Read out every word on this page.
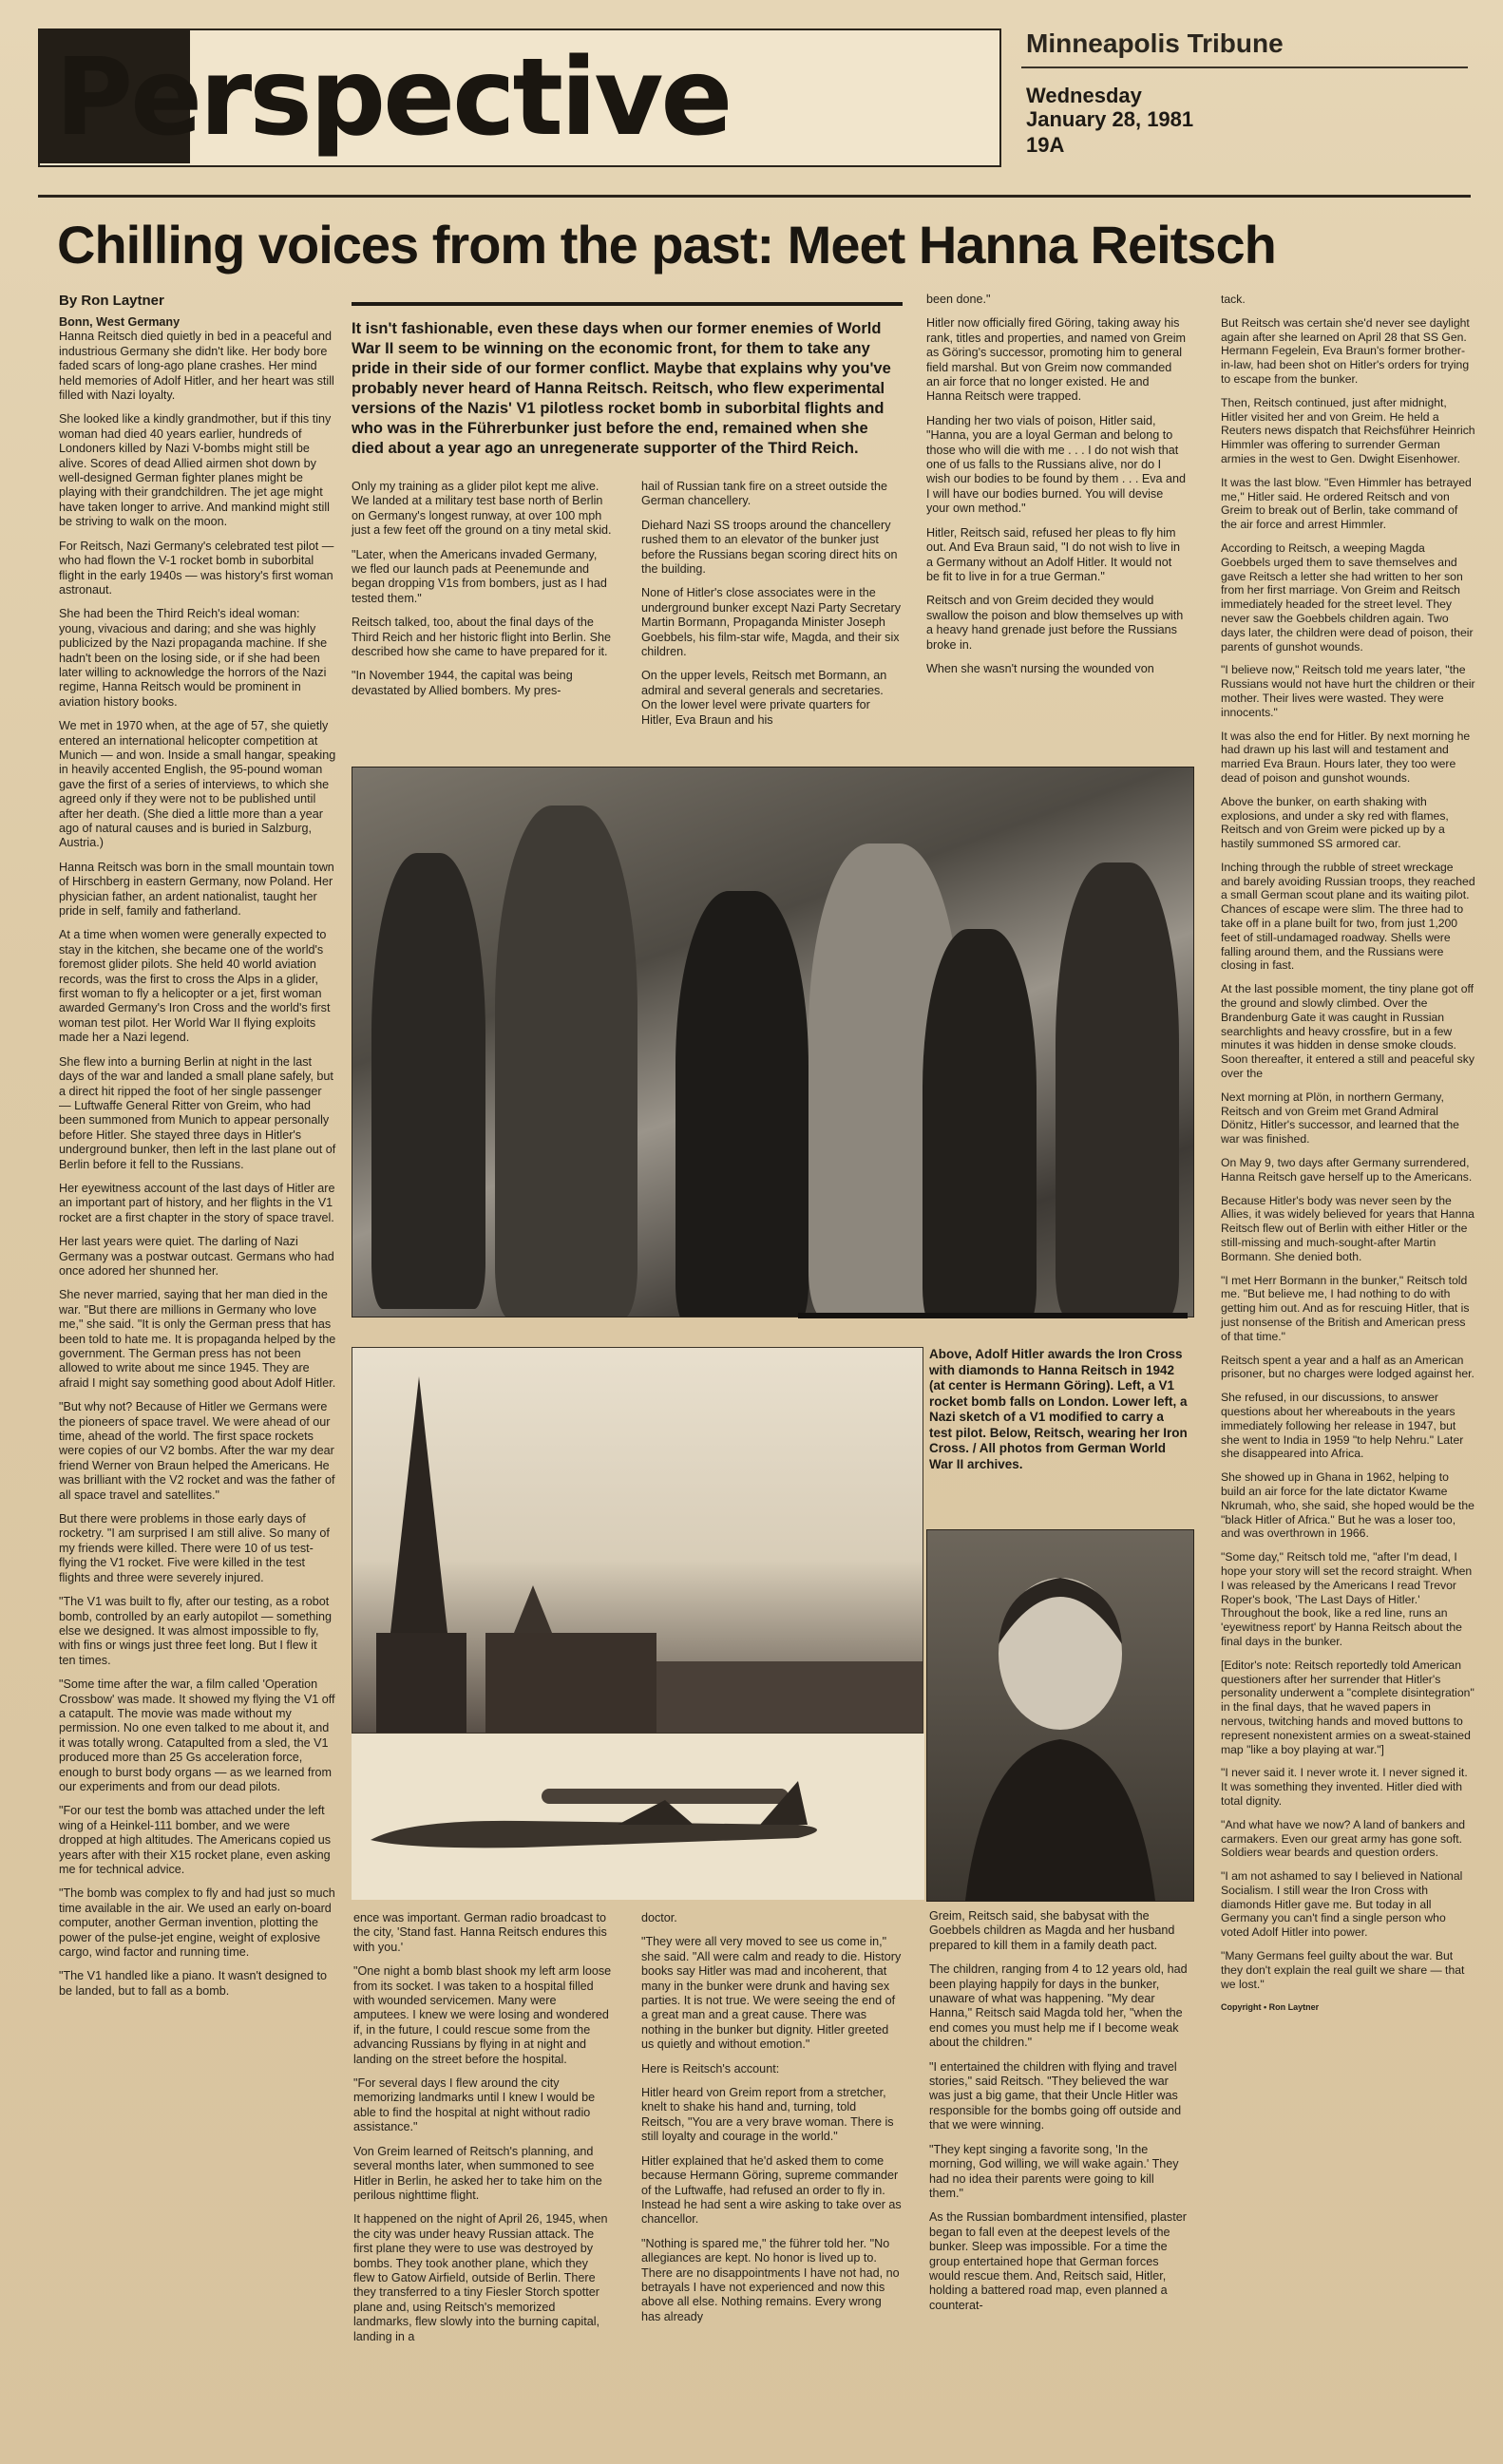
Perspective	Minneapolis Tribune
Wednesday
January 28, 1981
19A
Chilling voices from the past: Meet Hanna Reitsch
By Ron Laytner
It isn't fashionable, even these days when our former enemies of World War II seem to be winning on the economic front, for them to take any pride in their side of our former conflict. Maybe that explains why you've probably never heard of Hanna Reitsch. Reitsch, who flew experimental versions of the Nazis' V1 pilotless rocket bomb in suborbital flights and who was in the Führerbunker just before the end, remained when she died about a year ago an unregenerate supporter of the Third Reich.

Bonn, West Germany

Hanna Reitsch died quietly in bed in a peaceful and industrious Germany she didn't like. Her body bore faded scars of long-ago plane crashes. Her mind held memories of Adolf Hitler, and her heart was still filled with Nazi loyalty.

She looked like a kindly grandmother, but if this tiny woman had died 40 years earlier, hundreds of Londoners killed by Nazi V-bombs might still be alive. Scores of dead Allied airmen shot down by well-designed German fighter planes might be playing with their grandchildren. The jet age might have taken longer to arrive. And mankind might still be striving to walk on the moon.

For Reitsch, Nazi Germany's celebrated test pilot — who had flown the V-1 rocket bomb in suborbital flight in the early 1940s — was history's first woman astronaut.

She had been the Third Reich's ideal woman: young, vivacious and daring; and she was highly publicized by the Nazi propaganda machine. If she hadn't been on the losing side, or if she had been later willing to acknowledge the horrors of the Nazi regime, Hanna Reitsch would be prominent in aviation history books.

We met in 1970 when, at the age of 57, she quietly entered an international helicopter competition at Munich — and won. Inside a small hangar, speaking in heavily accented English, the 95-pound woman gave the first of a series of interviews, to which she agreed only if they were not to be published until after her death. (She died a little more than a year ago of natural causes and is buried in Salzburg, Austria.)

Hanna Reitsch was born in the small mountain town of Hirschberg in eastern Germany, now Poland. Her physician father, an ardent nationalist, taught her pride in self, family and fatherland.

At a time when women were generally expected to stay in the kitchen, she became one of the world's foremost glider pilots. She held 40 world aviation records, was the first to cross the Alps in a glider, first woman to fly a helicopter or a jet, first woman awarded Germany's Iron Cross and the world's first woman test pilot. Her World War II flying exploits made her a Nazi legend.

She flew into a burning Berlin at night in the last days of the war and landed a small plane safely, but a direct hit ripped the foot of her single passenger — Luftwaffe General Ritter von Greim, who had been summoned from Munich to appear personally before Hitler. She stayed three days in Hitler's underground bunker, then left in the last plane out of Berlin before it fell to the Russians.

Her eyewitness account of the last days of Hitler are an important part of history, and her flights in the V1 rocket are a first chapter in the story of space travel.

Her last years were quiet. The darling of Nazi Germany was a postwar outcast. Germans who had once adored her shunned her.

She never married, saying that her man died in the war. "But there are millions in Germany who love me," she said. "It is only the German press that has been told to hate me. It is propaganda helped by the government. The German press has not been allowed to write about me since 1945. They are afraid I might say something good about Adolf Hitler.

"But why not? Because of Hitler we Germans were the pioneers of space travel. We were ahead of our time, ahead of the world. The first space rockets were copies of our V2 bombs. After the war my dear friend Werner von Braun helped the Americans. He was brilliant with the V2 rocket and was the father of all space travel and satellites."

But there were problems in those early days of rocketry. "I am surprised I am still alive. So many of my friends were killed. There were 10 of us test-flying the V1 rocket. Five were killed in the test flights and three were severely injured.

"The V1 was built to fly, after our testing, as a robot bomb, controlled by an early autopilot — something else we designed. It was almost impossible to fly, with fins or wings just three feet long. But I flew it ten times.

"Some time after the war, a film called 'Operation Crossbow' was made. It showed my flying the V1 off a catapult. The movie was made without my permission. No one even talked to me about it, and it was totally wrong. Catapulted from a sled, the V1 produced more than 25 Gs acceleration force, enough to burst body organs — as we learned from our experiments and from our dead pilots.

"For our test the bomb was attached under the left wing of a Heinkel-111 bomber, and we were dropped at high altitudes. The Americans copied us years after with their X15 rocket plane, even asking me for technical advice.

"The bomb was complex to fly and had just so much time available in the air. We used an early on-board computer, another German invention, plotting the power of the pulse-jet engine, weight of explosive cargo, wind factor and running time.

"The V1 handled like a piano. It wasn't designed to be landed, but to fall as a bomb.

Only my training as a glider pilot kept me alive. We landed at a military test base north of Berlin on Germany's longest runway, at over 100 mph just a few feet off the ground on a tiny metal skid.

"Later, when the Americans invaded Germany, we fled our launch pads at Peenemunde and began dropping V1s from bombers, just as I had tested them."

Reitsch talked, too, about the final days of the Third Reich and her historic flight into Berlin. She described how she came to have prepared for it.

"In November 1944, the capital was being devastated by Allied bombers. My pres-

hail of Russian tank fire on a street outside the German chancellery.

Diehard Nazi SS troops around the chancellery rushed them to an elevator of the bunker just before the Russians began scoring direct hits on the building.

None of Hitler's close associates were in the underground bunker except Nazi Party Secretary Martin Bormann, Propaganda Minister Joseph Goebbels, his film-star wife, Magda, and their six children.

On the upper levels, Reitsch met Bormann, an admiral and several generals and secretaries. On the lower level were private quarters for Hitler, Eva Braun and his

been done."

Hitler now officially fired Göring, taking away his rank, titles and properties, and named von Greim as Göring's successor, promoting him to general field marshal. But von Greim now commanded an air force that no longer existed. He and Hanna Reitsch were trapped.

Handing her two vials of poison, Hitler said, "Hanna, you are a loyal German and belong to those who will die with me . . . I do not wish that one of us falls to the Russians alive, nor do I wish our bodies to be found by them . . . Eva and I will have our bodies burned. You will devise your own method."

Hitler, Reitsch said, refused her pleas to fly him out. And Eva Braun said, "I do not wish to live in a Germany without an Adolf Hitler. It would not be fit to live in for a true German."

Reitsch and von Greim decided they would swallow the poison and blow themselves up with a heavy hand grenade just before the Russians broke in.

When she wasn't nursing the wounded von

tack.

But Reitsch was certain she'd never see daylight again after she learned on April 28 that SS Gen. Hermann Fegelein, Eva Braun's former brother-in-law, had been shot on Hitler's orders for trying to escape from the bunker.

Then, Reitsch continued, just after midnight, Hitler visited her and von Greim. He held a Reuters news dispatch that Reichsführer Heinrich Himmler was offering to surrender German armies in the west to Gen. Dwight Eisenhower.

It was the last blow. "Even Himmler has betrayed me," Hitler said. He ordered Reitsch and von Greim to break out of Berlin, take command of the air force and arrest Himmler.

According to Reitsch, a weeping Magda Goebbels urged them to save themselves and gave Reitsch a letter she had written to her son from her first marriage. Von Greim and Reitsch immediately headed for the street level. They never saw the Goebbels children again. Two days later, the children were dead of poison, their parents of gunshot wounds.

"I believe now," Reitsch told me years later, "the Russians would not have hurt the children or their mother. Their lives were wasted. They were innocents."

It was also the end for Hitler. By next morning he had drawn up his last will and testament and married Eva Braun. Hours later, they too were dead of poison and gunshot wounds.

Above the bunker, on earth shaking with explosions, and under a sky red with flames, Reitsch and von Greim were picked up by a hastily summoned SS armored car.

Inching through the rubble of street wreckage and barely avoiding Russian troops, they reached a small German scout plane and its waiting pilot. Chances of escape were slim. The three had to take off in a plane built for two, from just 1,200 feet of still-undamaged roadway. Shells were falling around them, and the Russians were closing in fast.

At the last possible moment, the tiny plane got off the ground and slowly climbed. Over the Brandenburg Gate it was caught in Russian searchlights and heavy crossfire, but in a few minutes it was hidden in dense smoke clouds. Soon thereafter, it entered a still and peaceful sky over the

Next morning at Plön, in northern Germany, Reitsch and von Greim met Grand Admiral Dönitz, Hitler's successor, and learned that the war was finished.

On May 9, two days after Germany surrendered, Hanna Reitsch gave herself up to the Americans.

Because Hitler's body was never seen by the Allies, it was widely believed for years that Hanna Reitsch flew out of Berlin with either Hitler or the still-missing and much-sought-after Martin Bormann. She denied both.

"I met Herr Bormann in the bunker," Reitsch told me. "But believe me, I had nothing to do with getting him out. And as for rescuing Hitler, that is just nonsense of the British and American press of that time."

Reitsch spent a year and a half as an American prisoner, but no charges were lodged against her.

She refused, in our discussions, to answer questions about her whereabouts in the years immediately following her release in 1947, but she went to India in 1959 "to help Nehru." Later she disappeared into Africa.

She showed up in Ghana in 1962, helping to build an air force for the late dictator Kwame Nkrumah, who, she said, she hoped would be the "black Hitler of Africa." But he was a loser too, and was overthrown in 1966.

"Some day," Reitsch told me, "after I'm dead, I hope your story will set the record straight. When I was released by the Americans I read Trevor Roper's book, 'The Last Days of Hitler.' Throughout the book, like a red line, runs an 'eyewitness report' by Hanna Reitsch about the final days in the bunker.

[Editor's note: Reitsch reportedly told American questioners after her surrender that Hitler's personality underwent a "complete disintegration" in the final days, that he waved papers in nervous, twitching hands and moved buttons to represent nonexistent armies on a sweat-stained map "like a boy playing at war."]

"I never said it. I never wrote it. I never signed it. It was something they invented. Hitler died with total dignity.

"And what have we now? A land of bankers and carmakers. Even our great army has gone soft. Soldiers wear beards and question orders.

"I am not ashamed to say I believed in National Socialism. I still wear the Iron Cross with diamonds Hitler gave me. But today in all Germany you can't find a single person who voted Adolf Hitler into power.

"Many Germans feel guilty about the war. But they don't explain the real guilt we share — that we lost."

Copyright • Ron Laytner

Above, Adolf Hitler awards the Iron Cross with diamonds to Hanna Reitsch in 1942 (at center is Hermann Göring). Left, a V1 rocket bomb falls on London. Lower left, a Nazi sketch of a V1 modified to carry a test pilot. Below, Reitsch, wearing her Iron Cross. / All photos from German World War II archives.

ence was important. German radio broadcast to the city, 'Stand fast. Hanna Reitsch endures this with you.'

"One night a bomb blast shook my left arm loose from its socket. I was taken to a hospital filled with wounded servicemen. Many were amputees. I knew we were losing and wondered if, in the future, I could rescue some from the advancing Russians by flying in at night and landing on the street before the hospital.

"For several days I flew around the city memorizing landmarks until I knew I would be able to find the hospital at night without radio assistance."

Von Greim learned of Reitsch's planning, and several months later, when summoned to see Hitler in Berlin, he asked her to take him on the perilous nighttime flight.

It happened on the night of April 26, 1945, when the city was under heavy Russian attack. The first plane they were to use was destroyed by bombs. They took another plane, which they flew to Gatow Airfield, outside of Berlin. There they transferred to a tiny Fiesler Storch spotter plane and, using Reitsch's memorized landmarks, flew slowly into the burning capital, landing in a

doctor.

"They were all very moved to see us come in," she said. "All were calm and ready to die. History books say Hitler was mad and incoherent, that many in the bunker were drunk and having sex parties. It is not true. We were seeing the end of a great man and a great cause. There was nothing in the bunker but dignity. Hitler greeted us quietly and without emotion."

Here is Reitsch's account:

Hitler heard von Greim report from a stretcher, knelt to shake his hand and, turning, told Reitsch, "You are a very brave woman. There is still loyalty and courage in the world."

Hitler explained that he'd asked them to come because Hermann Göring, supreme commander of the Luftwaffe, had refused an order to fly in. Instead he had sent a wire asking to take over as chancellor.

"Nothing is spared me," the führer told her. "No allegiances are kept. No honor is lived up to. There are no disappointments I have not had, no betrayals I have not experienced and now this above all else. Nothing remains. Every wrong has already

Greim, Reitsch said, she babysat with the Goebbels children as Magda and her husband prepared to kill them in a family death pact.

The children, ranging from 4 to 12 years old, had been playing happily for days in the bunker, unaware of what was happening. "My dear Hanna," Reitsch said Magda told her, "when the end comes you must help me if I become weak about the children."

"I entertained the children with flying and travel stories," said Reitsch. "They believed the war was just a big game, that their Uncle Hitler was responsible for the bombs going off outside and that we were winning.

"They kept singing a favorite song, 'In the morning, God willing, we will wake again.' They had no idea their parents were going to kill them."

As the Russian bombardment intensified, plaster began to fall even at the deepest levels of the bunker. Sleep was impossible. For a time the group entertained hope that German forces would rescue them. And, Reitsch said, Hitler, holding a battered road map, even planned a counterat-
